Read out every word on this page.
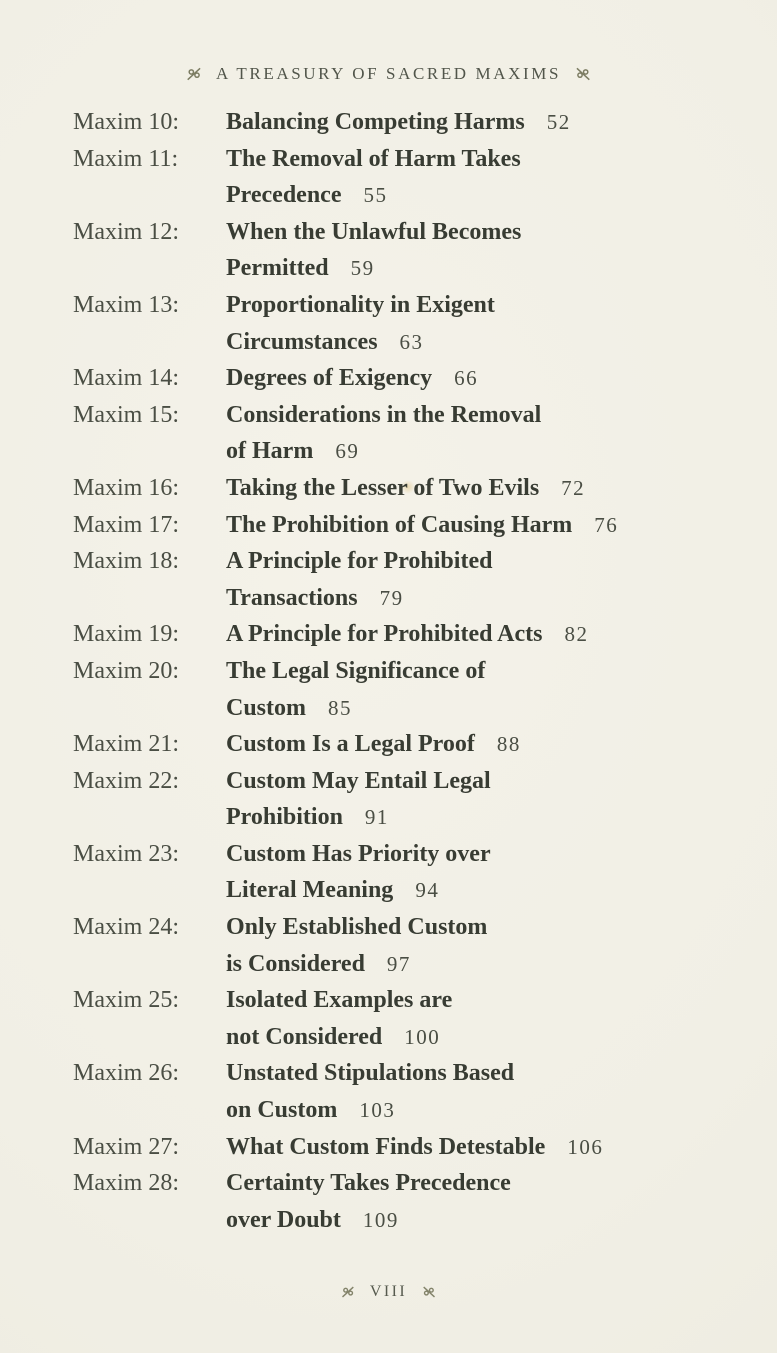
A TREASURY OF SACRED MAXIMS
Maxim 10:	Balancing Competing Harms 52
Maxim 11:	The Removal of Harm Takes
Precedence 55
Maxim 12:	When the Unlawful Becomes
Permitted 59
Maxim 13:	Proportionality in Exigent
Circumstances 63
Maxim 14:	Degrees of Exigency 66
Maxim 15:	Considerations in the Removal
of Harm 69
Maxim 16:	Taking the Lesser of Two Evils 72
Maxim 17:	The Prohibition of Causing Harm 76
Maxim 18:	A Principle for Prohibited
Transactions 79
Maxim 19:	A Principle for Prohibited Acts 82
Maxim 20:	The Legal Significance of
Custom 85
Maxim 21:	Custom Is a Legal Proof 88
Maxim 22:	Custom May Entail Legal
Prohibition 91
Maxim 23:	Custom Has Priority over
Literal Meaning 94
Maxim 24:	Only Established Custom
is Considered 97
Maxim 25:	Isolated Examples are
not Considered 100
Maxim 26:	Unstated Stipulations Based
on Custom 103
Maxim 27:	What Custom Finds Detestable 106
Maxim 28:	Certainty Takes Precedence
over Doubt 109
VIII
